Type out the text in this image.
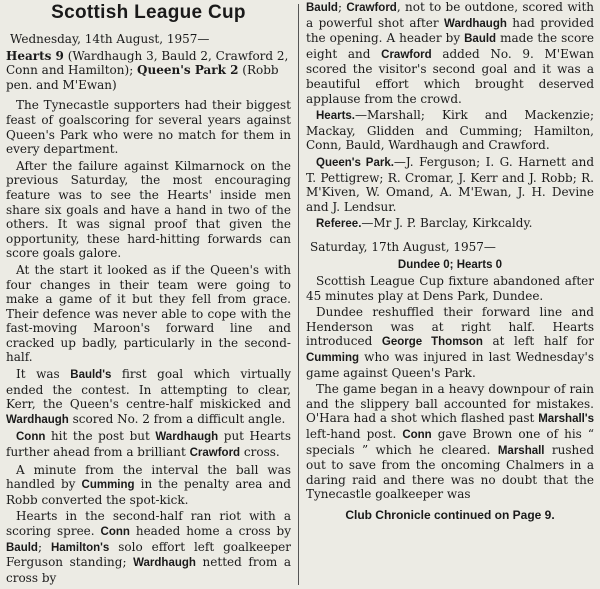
Scottish League Cup
Wednesday, 14th August, 1957—
Hearts 9 (Wardhaugh 3, Bauld 2, Crawford 2, Conn and Hamilton); Queen's Park 2 (Robb pen. and M'Ewan)

The Tynecastle supporters had their biggest feast of goalscoring for several years against Queen's Park who were no match for them in every department.

After the failure against Kilmarnock on the previous Saturday, the most encouraging feature was to see the Hearts' inside men share six goals and have a hand in two of the others. It was signal proof that given the opportunity, these hard-hitting forwards can score goals galore.

At the start it looked as if the Queen's with four changes in their team were going to make a game of it but they fell from grace. Their defence was never able to cope with the fast-moving Maroon's forward line and cracked up badly, particularly in the second-half.

It was Bauld's first goal which virtually ended the contest. In attempting to clear, Kerr, the Queen's centre-half miskicked and Wardhaugh scored No. 2 from a difficult angle.

Conn hit the post but Wardhaugh put Hearts further ahead from a brilliant Crawford cross.

A minute from the interval the ball was handled by Cumming in the penalty area and Robb converted the spot-kick.

Hearts in the second-half ran riot with a scoring spree. Conn headed home a cross by Bauld; Hamilton's solo effort left goalkeeper Ferguson standing; Wardhaugh netted from a cross by

Bauld; Crawford, not to be outdone, scored with a powerful shot after Wardhaugh had provided the opening. A header by Bauld made the score eight and Crawford added No. 9. M'Ewan scored the visitor's second goal and it was a beautiful effort which brought deserved applause from the crowd.

Hearts.—Marshall; Kirk and Mackenzie; Mackay, Glidden and Cumming; Hamilton, Conn, Bauld, Wardhaugh and Crawford.

Queen's Park.—J. Ferguson; I. G. Harnett and T. Pettigrew; R. Cromar, J. Kerr and J. Robb; R. M'Kiven, W. Omand, A. M'Ewan, J. H. Devine and J. Lendsur.

Referee.—Mr J. P. Barclay, Kirkcaldy.

Saturday, 17th August, 1957—

Dundee 0; Hearts 0

Scottish League Cup fixture abandoned after 45 minutes play at Dens Park, Dundee.

Dundee reshuffled their forward line and Henderson was at right half. Hearts introduced George Thomson at left half for Cumming who was injured in last Wednesday's game against Queen's Park.

The game began in a heavy downpour of rain and the slippery ball accounted for mistakes. O'Hara had a shot which flashed past Marshall's left-hand post. Conn gave Brown one of his “ specials ” which he cleared. Marshall rushed out to save from the oncoming Chalmers in a daring raid and there was no doubt that the Tynecastle goalkeeper was

Club Chronicle continued on Page 9.
